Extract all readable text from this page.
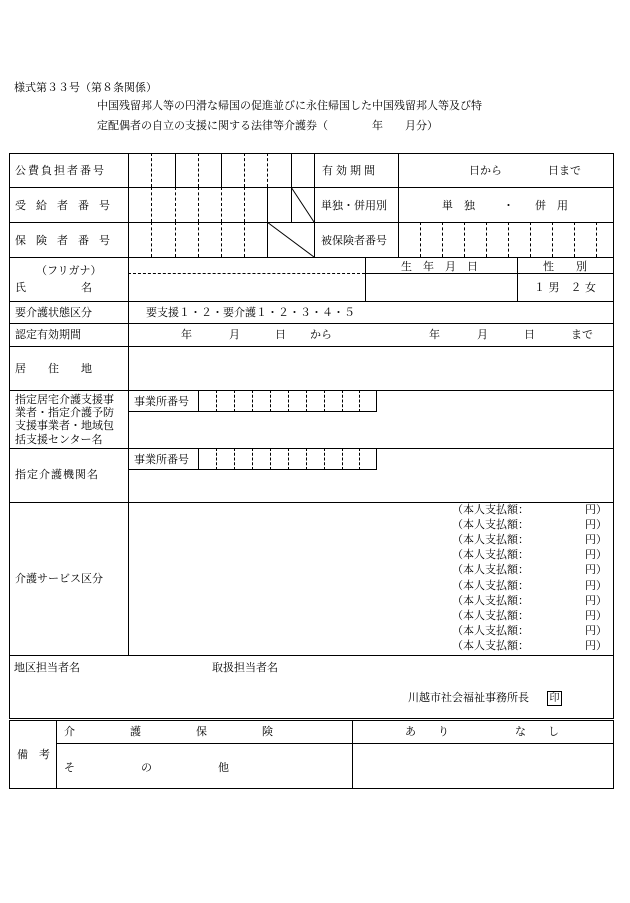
様式第３３号（第８条関係）
中国残留邦人等の円滑な帰国の促進並びに永住帰国した中国残留邦人等及び特
定配偶者の自立の支援に関する法律等介護券（　　　　年　　月分）
公費負担者番号	有効期間	日から	日まで
受給者番号	単独・併用別	単　独	・ 併　用
保険者番号	被保険者番号
（フリガナ）
氏　　　　　名
生　年　月　日	性　　別
１ 男　２ 女
要介護状態区分	要支援１・２・要介護１・２・３・４・５
認定有効期間	年	月	日 から	年	月	日	まで
居　　住　　地
指定居宅介護支援事
業者・指定介護予防
支援事業者・地域包
括支援センター名
事業所番号
指定介護機関名
事業所番号
介護サービス区分
（本人支払額：	円）
（本人支払額：	円）
（本人支払額：	円）
（本人支払額：	円）
（本人支払額：	円）
（本人支払額：	円）
（本人支払額：	円）
（本人支払額：	円）
（本人支払額：	円）
（本人支払額：	円）
地区担当者名	取扱担当者名
川越市社会福祉事務所長 印
備　考
介　　　　　護　　　　　保　　　　　険	あ　　り　　　　　　な　　し
そ　　　　　　の　　　　　　他
